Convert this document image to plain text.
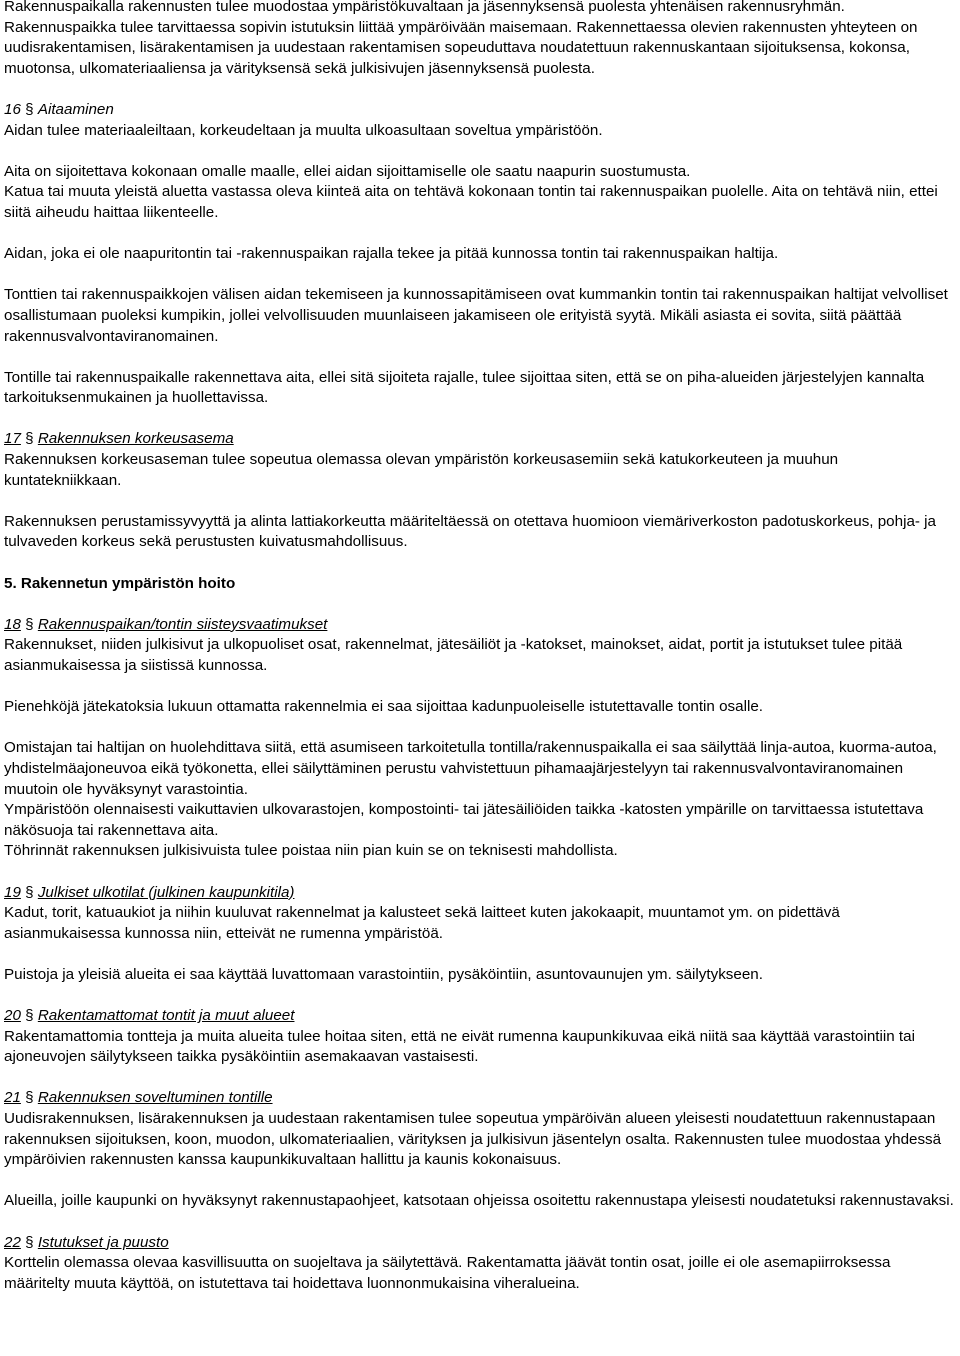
Rakennuspaikalla rakennusten tulee muodostaa ympäristökuvaltaan ja jäsennyksensä puolesta yhtenäisen rakennusryhmän. Rakennuspaikka tulee tarvittaessa sopivin istutuksin liittää ympäröivään maisemaan. Rakennettaessa olevien rakennusten yhteyteen on uudisrakentamisen, lisärakentamisen ja uudestaan rakentamisen sopeuduttava noudatettuun rakennuskantaan sijoituksensa, kokonsa, muotonsa, ulkomateriaaliensa ja värityksensä sekä julkisivujen jäsennyksensä puolesta.

16 § Aitaaminen

Aidan tulee materiaaleiltaan, korkeudeltaan ja muulta ulkoasultaan soveltua ympäristöön.

Aita on sijoitettava kokonaan omalle maalle, ellei aidan sijoittamiselle ole saatu naapurin suostumusta.

Katua tai muuta yleistä aluetta vastassa oleva kiinteä aita on tehtävä kokonaan tontin tai rakennuspaikan puolelle. Aita on tehtävä niin, ettei siitä aiheudu haittaa liikenteelle.

Aidan, joka ei ole naapuritontin tai -rakennuspaikan rajalla tekee ja pitää kunnossa tontin tai rakennuspaikan haltija.

Tonttien tai rakennuspaikkojen välisen aidan tekemiseen ja kunnossapitämiseen ovat kummankin tontin tai rakennuspaikan haltijat velvolliset osallistumaan puoleksi kumpikin, jollei velvollisuuden muunlaiseen jakamiseen ole erityistä syytä. Mikäli asiasta ei sovita, siitä päättää rakennusvalvontaviranomainen.

Tontille tai rakennuspaikalle rakennettava aita, ellei sitä sijoiteta rajalle, tulee sijoittaa siten, että se on piha-alueiden järjestelyjen kannalta tarkoituksenmukainen ja huollettavissa.

17 § Rakennuksen korkeusasema

Rakennuksen korkeusaseman tulee sopeutua olemassa olevan ympäristön korkeusasemiin sekä katukorkeuteen ja muuhun kuntatekniikkaan.

Rakennuksen perustamissyvyyttä ja alinta lattiakorkeutta määriteltäessä on otettava huomioon viemäriverkoston padotuskorkeus, pohja- ja tulvaveden korkeus sekä perustusten kuivatusmahdollisuus.

5. Rakennetun ympäristön hoito

18 § Rakennuspaikan/tontin siisteysvaatimukset

Rakennukset, niiden julkisivut ja ulkopuoliset osat, rakennelmat, jätesäiliöt ja -katokset, mainokset, aidat, portit ja istutukset tulee pitää asianmukaisessa ja siistissä kunnossa.

Pienehköjä jätekatoksia lukuun ottamatta rakennelmia ei saa sijoittaa kadunpuoleiselle istutettavalle tontin osalle.

Omistajan tai haltijan on huolehdittava siitä, että asumiseen tarkoitetulla tontilla/rakennuspaikalla ei saa säilyttää linja-autoa, kuorma-autoa, yhdistelmäajoneuvoa eikä työkonetta, ellei säilyttäminen perustu vahvistettuun pihamaajärjestelyyn tai rakennusvalvontaviranomainen muutoin ole hyväksynyt varastointia.

Ympäristöön olennaisesti vaikuttavien ulkovarastojen, kompostointi- tai jätesäiliöiden taikka -katosten ympärille on tarvittaessa istutettava näkösuoja tai rakennettava aita.

Töhrinnät rakennuksen julkisivuista tulee poistaa niin pian kuin se on teknisesti mahdollista.

19 § Julkiset ulkotilat (julkinen kaupunkitila)

Kadut, torit, katuaukiot ja niihin kuuluvat rakennelmat ja kalusteet sekä laitteet kuten jakokaapit, muuntamot ym. on pidettävä asianmukaisessa kunnossa niin, etteivät ne rumenna ympäristöä.

Puistoja ja yleisiä alueita ei saa käyttää luvattomaan varastointiin, pysäköintiin, asuntovaunujen ym. säilytykseen.

20 § Rakentamattomat tontit ja muut alueet

Rakentamattomia tontteja ja muita alueita tulee hoitaa siten, että ne eivät rumenna kaupunkikuvaa eikä niitä saa käyttää varastointiin tai ajoneuvojen säilytykseen taikka pysäköintiin asemakaavan vastaisesti.

21 § Rakennuksen soveltuminen tontille

Uudisrakennuksen, lisärakennuksen ja uudestaan rakentamisen tulee sopeutua ympäröivän alueen yleisesti noudatettuun rakennustapaan rakennuksen sijoituksen, koon, muodon, ulkomateriaalien, värityksen ja julkisivun jäsentelyn osalta. Rakennusten tulee muodostaa yhdessä ympäröivien rakennusten kanssa kaupunkikuvaltaan hallittu ja kaunis kokonaisuus.

Alueilla, joille kaupunki on hyväksynyt rakennustapaohjeet, katsotaan ohjeissa osoitettu rakennustapa yleisesti noudatetuksi rakennustavaksi.

22 § Istutukset ja puusto

Korttelin olemassa olevaa kasvillisuutta on suojeltava ja säilytettävä. Rakentamatta jäävät tontin osat, joille ei ole asemapiirroksessa määritelty muuta käyttöä, on istutettava tai hoidettava luonnonmukaisina viheralueina.
